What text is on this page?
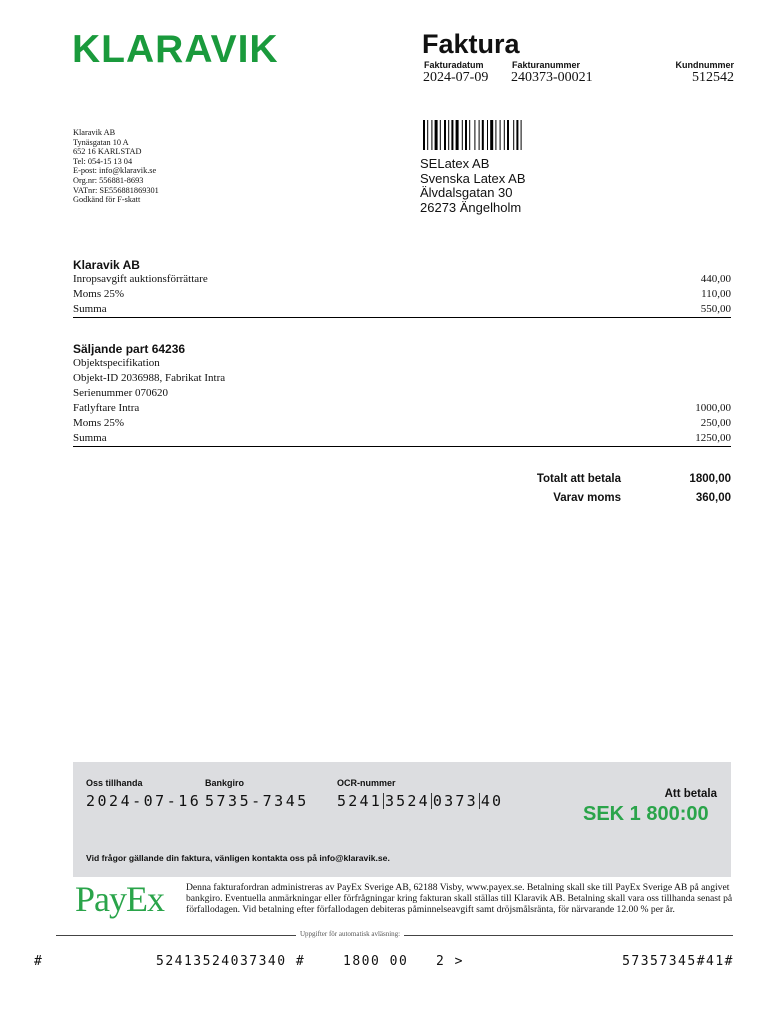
KLARAVIK	Faktura
Fakturadatum
2024-07-09
Fakturanummer
240373-00021
Kundnummer
512542
Klaravik AB
Tynäsgatan 10 A
652 16 KARLSTAD
Tel: 054-15 13 04
E-post: info@klaravik.se
Org.nr: 556881-8693
VATnr: SE556881869301
Godkänd för F-skatt
SELatex AB
Svenska Latex AB
Älvdalsgatan 30
26273 Ängelholm
Klaravik AB
Inropsavgift auktionsförrättare	440,00
Moms 25%	110,00
Summa	550,00
Säljande part 64236
Objektspecifikation
Objekt-ID 2036988, Fabrikat Intra
Serienummer 070620
Fatlyftare Intra	1000,00
Moms 25%	250,00
Summa	1250,00
Totalt att betala	1800,00
Varav moms	360,00
Oss tillhanda
2024-07-16
Bankgiro
5735-7345
OCR-nummer
5241 3524 0373 40	Att betala
SEK 1 800:00
Vid frågor gällande din faktura, vänligen kontakta oss på info@klaravik.se.
PayEx Denna fakturafordran administreras av PayEx Sverige AB, 62188 Visby, www.payex.se. Betalning skall ske till PayEx Sverige AB på angivet bankgiro. Eventuella anmärkningar eller förfrågningar kring fakturan skall ställas till Klaravik AB. Betalning skall vara oss tillhanda senast på förfallodagen. Vid betalning efter förfallodagen debiteras påminnelseavgift samt dröjsmålsränta, för närvarande 12.00 % per år.
Uppgifter för automatisk avläsning:
#	52413524037340 #	1800 00 2 >	57357345#41#
